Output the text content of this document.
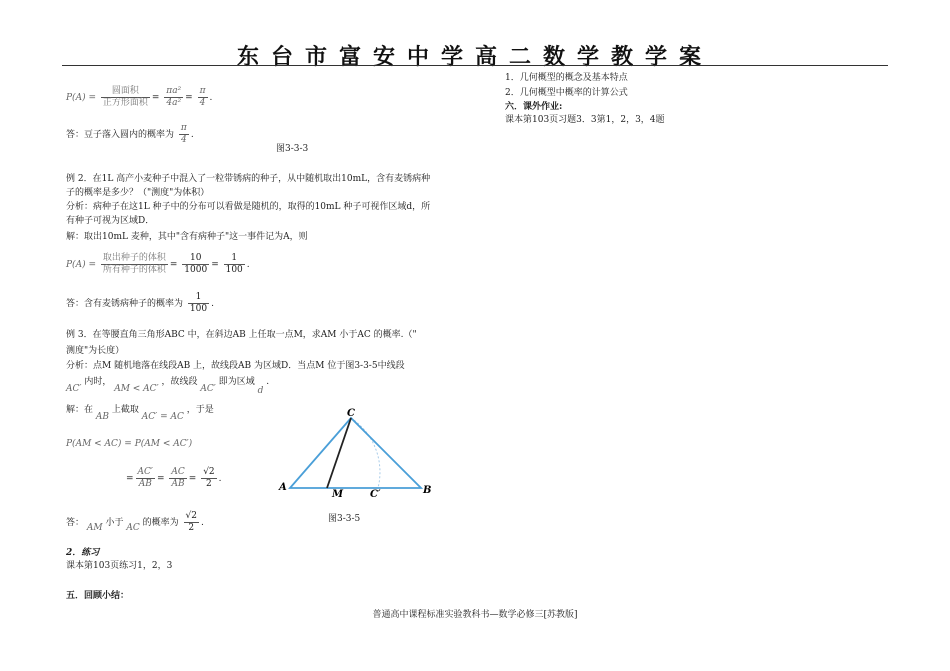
东台市富安中学高二数学教学案
$P(A) = \frac{\text{圆面积}}{\text{正方形面积}} = \frac{\text{πa²}}{\text{4a²}} = \frac{\pi}{4}$ .
答：豆子落入圆内的概率为 $\frac{\pi}{4}$ .
图3-3-3
例 2．在1L 高产小麦种子中混入了一粒带锈病的种子，从中随机取出10mL，含有麦锈病种
子的概率是多少？（"测度"为体积）
分析：病种子在这1L 种子中的分布可以看做是随机的，取得的10mL 种子可视作区域d，所
有种子可视为区域D．
解：取出10mL 麦种，其中"含有病种子"这一事件记为A，则
$P(A) = \frac{\text{取出种子的体积}}{\text{所有种子的体积}} = \frac{10}{1000} = \frac{1}{100}$ .
答：含有麦锈病种子的概率为 $\frac{1}{100}$ .
例 3．在等腰直角三角形ABC 中，在斜边AB 上任取一点M，求AM 小于AC 的概率.（"
测度"为长度）
分析：点M 随机地落在线段AB 上，故线段AB 为区域D．当点M 位于图3-3-5中线段
AC′ 内时， AM < AC′ ，故线段 AC′ 即为区域 d .
解：在 AB 上截取 AC′ = AC ，于是
P(AM < AC) = P(AM < AC′)
= $\frac{AC'}{AB} = \frac{AC}{AB} = \frac{√2}{2}$ .
答： AM 小于 AC 的概率为 $\frac{√2}{2}$ .	图3-3-5
A	B
C
M	C′
2．练习
课本第103页练习1，2，3
五．回顾小结：
1．几何概型的概念及基本特点
2．几何概型中概率的计算公式
六．课外作业:
课本第103页习题3．3第1，2，3，4题
普通高中课程标准实验教科书—数学必修三[苏教版]
